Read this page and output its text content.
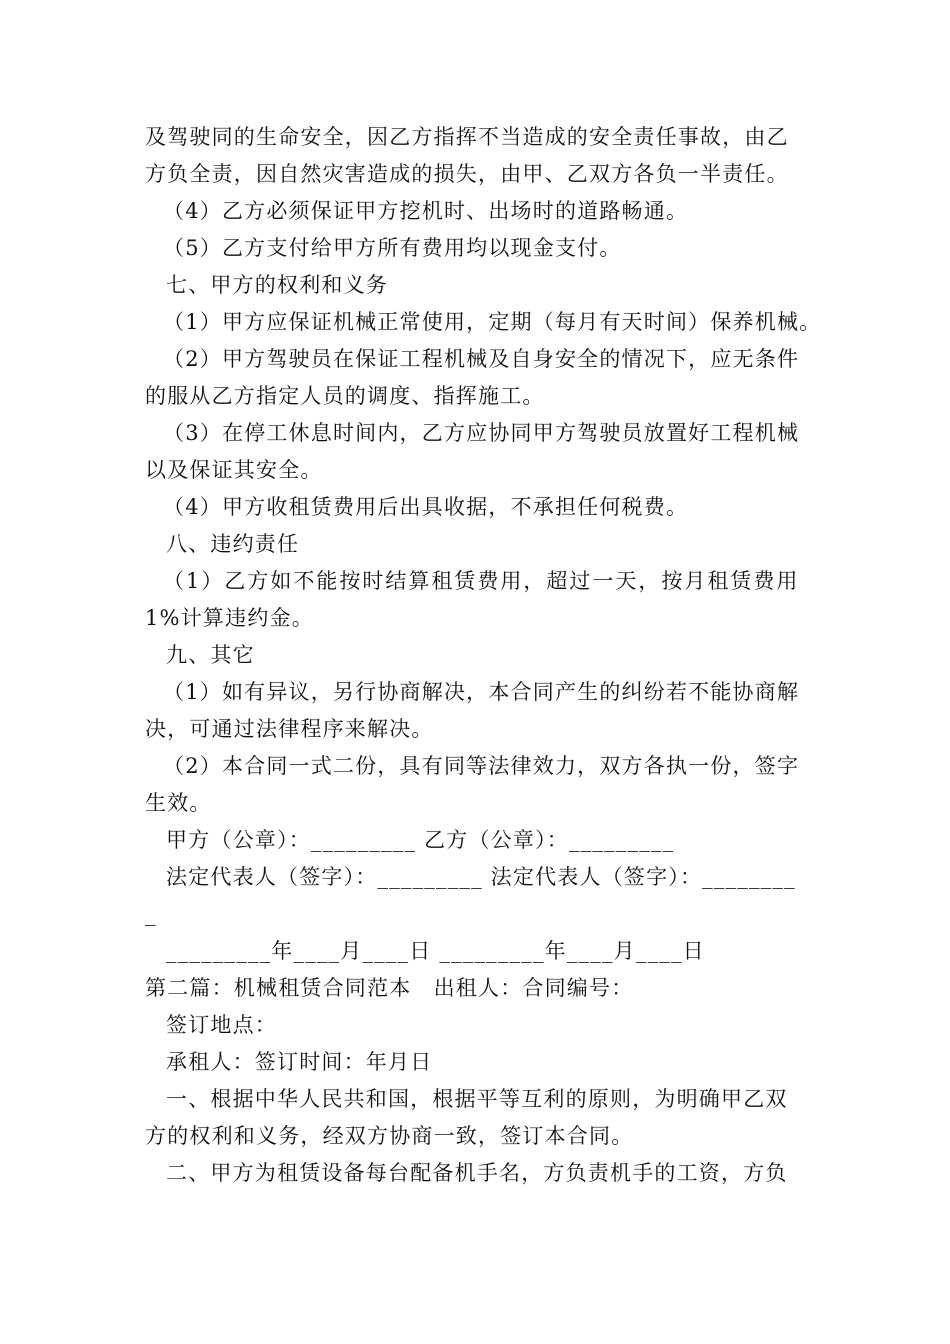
及驾驶同的生命安全，因乙方指挥不当造成的安全责任事故，由乙
方负全责，因自然灾害造成的损失，由甲、乙双方各负一半责任。
（4）乙方必须保证甲方挖机时、出场时的道路畅通。
（5）乙方支付给甲方所有费用均以现金支付。
七、甲方的权利和义务
（1）甲方应保证机械正常使用，定期（每月有天时间）保养机械。
（2）甲方驾驶员在保证工程机械及自身安全的情况下，应无条件
的服从乙方指定人员的调度、指挥施工。
（3）在停工休息时间内，乙方应协同甲方驾驶员放置好工程机械
以及保证其安全。
（4）甲方收租赁费用后出具收据，不承担任何税费。
八、违约责任
（1）乙方如不能按时结算租赁费用，超过一天，按月租赁费用
1%计算违约金。
九、其它
（1）如有异议，另行协商解决，本合同产生的纠纷若不能协商解
决，可通过法律程序来解决。
（2）本合同一式二份，具有同等法律效力，双方各执一份，签字
生效。
甲方（公章）：_________ 乙方（公章）：_________
法定代表人（签字）：_________ 法定代表人（签字）：________
_
_________年____月____日 _________年____月____日
第二篇：机械租赁合同范本　出租人：合同编号：
签订地点：
承租人：签订时间：年月日
一、根据中华人民共和国，根据平等互利的原则，为明确甲乙双
方的权利和义务，经双方协商一致，签订本合同。
二、甲方为租赁设备每台配备机手名，方负责机手的工资，方负
